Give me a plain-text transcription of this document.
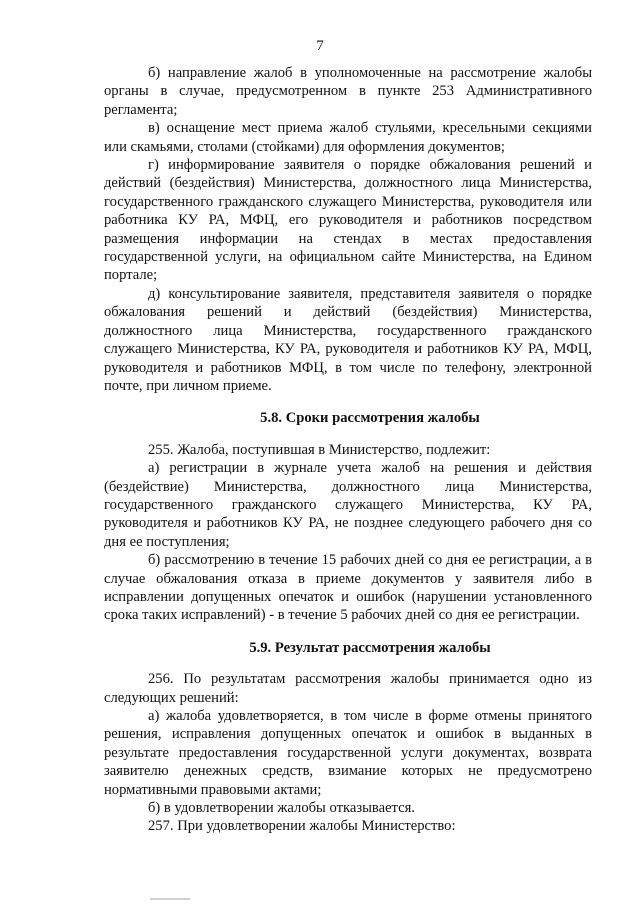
7

б) направление жалоб в уполномоченные на рассмотрение жалобы органы в случае, предусмотренном в пункте 253 Административного регламента;

в) оснащение мест приема жалоб стульями, кресельными секциями или скамьями, столами (стойками) для оформления документов;

г) информирование заявителя о порядке обжалования решений и действий (бездействия) Министерства, должностного лица Министерства, государственного гражданского служащего Министерства, руководителя или работника КУ РА, МФЦ, его руководителя и работников посредством размещения информации на стендах в местах предоставления государственной услуги, на официальном сайте Министерства, на Едином портале;

д) консультирование заявителя, представителя заявителя о порядке обжалования решений и действий (бездействия) Министерства, должностного лица Министерства, государственного гражданского служащего Министерства, КУ РА, руководителя и работников КУ РА, МФЦ, руководителя и работников МФЦ, в том числе по телефону, электронной почте, при личном приеме.

5.8. Сроки рассмотрения жалобы

255. Жалоба, поступившая в Министерство, подлежит:

а) регистрации в журнале учета жалоб на решения и действия (бездействие) Министерства, должностного лица Министерства, государственного гражданского служащего Министерства, КУ РА, руководителя и работников КУ РА, не позднее следующего рабочего дня со дня ее поступления;

б) рассмотрению в течение 15 рабочих дней со дня ее регистрации, а в случае обжалования отказа в приеме документов у заявителя либо в исправлении допущенных опечаток и ошибок (нарушении установленного срока таких исправлений) - в течение 5 рабочих дней со дня ее регистрации.

5.9. Результат рассмотрения жалобы

256. По результатам рассмотрения жалобы принимается одно из следующих решений:

а) жалоба удовлетворяется, в том числе в форме отмены принятого решения, исправления допущенных опечаток и ошибок в выданных в результате предоставления государственной услуги документах, возврата заявителю денежных средств, взимание которых не предусмотрено нормативными правовыми актами;

б) в удовлетворении жалобы отказывается.

257. При удовлетворении жалобы Министерство:
